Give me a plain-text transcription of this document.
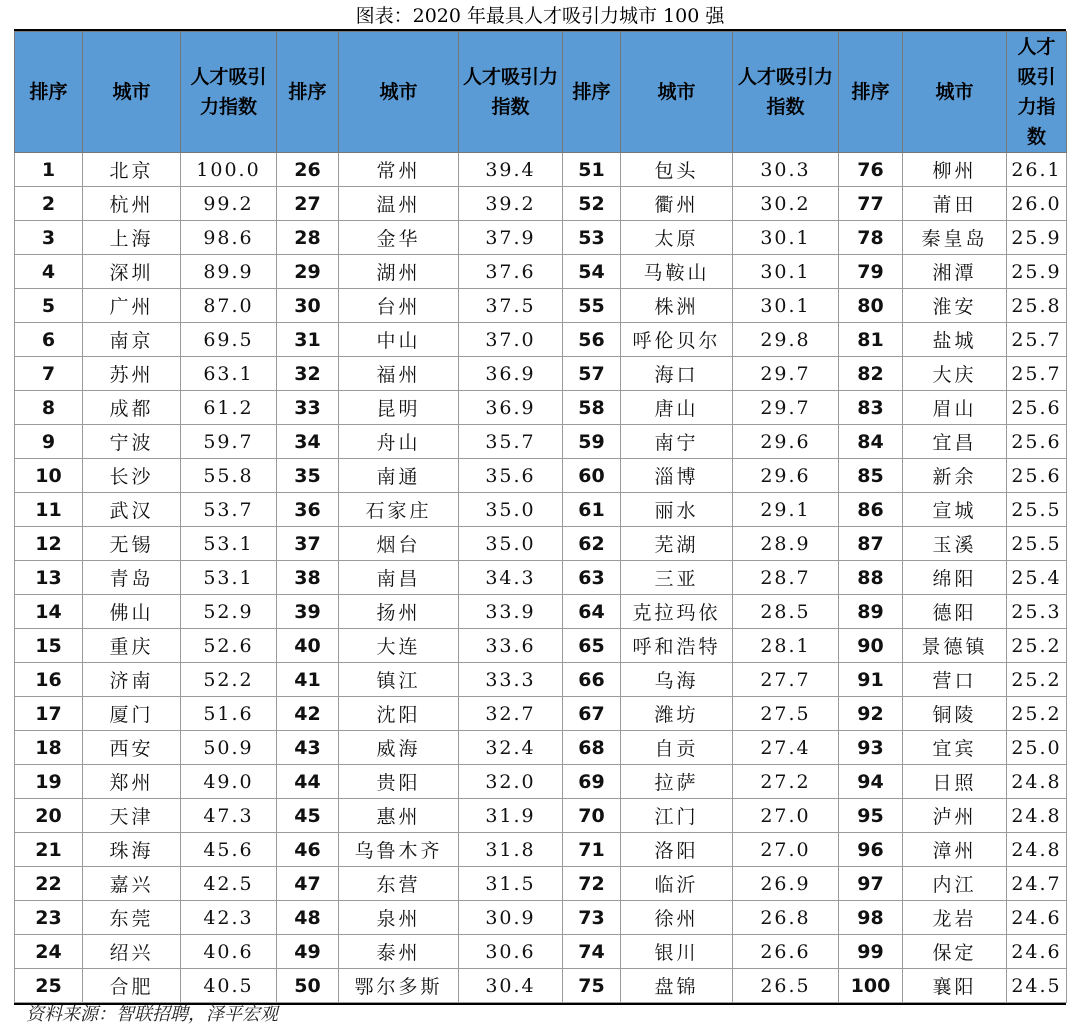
图表：2020 年最具人才吸引力城市 100 强
排序	城市	人才吸引力指数	排序	城市	人才吸引力指数	排序	城市	人才吸引力指数	排序	城市	人才吸引力指数
1	北京	100.0	26	常州	39.4	51	包头	30.3	76	柳州	26.1
2	杭州	99.2	27	温州	39.2	52	衢州	30.2	77	莆田	26.0
3	上海	98.6	28	金华	37.9	53	太原	30.1	78	秦皇岛	25.9
4	深圳	89.9	29	湖州	37.6	54	马鞍山	30.1	79	湘潭	25.9
5	广州	87.0	30	台州	37.5	55	株洲	30.1	80	淮安	25.8
6	南京	69.5	31	中山	37.0	56	呼伦贝尔	29.8	81	盐城	25.7
7	苏州	63.1	32	福州	36.9	57	海口	29.7	82	大庆	25.7
8	成都	61.2	33	昆明	36.9	58	唐山	29.7	83	眉山	25.6
9	宁波	59.7	34	舟山	35.7	59	南宁	29.6	84	宜昌	25.6
10	长沙	55.8	35	南通	35.6	60	淄博	29.6	85	新余	25.6
11	武汉	53.7	36	石家庄	35.0	61	丽水	29.1	86	宣城	25.5
12	无锡	53.1	37	烟台	35.0	62	芜湖	28.9	87	玉溪	25.5
13	青岛	53.1	38	南昌	34.3	63	三亚	28.7	88	绵阳	25.4
14	佛山	52.9	39	扬州	33.9	64	克拉玛依	28.5	89	德阳	25.3
15	重庆	52.6	40	大连	33.6	65	呼和浩特	28.1	90	景德镇	25.2
16	济南	52.2	41	镇江	33.3	66	乌海	27.7	91	营口	25.2
17	厦门	51.6	42	沈阳	32.7	67	潍坊	27.5	92	铜陵	25.2
18	西安	50.9	43	威海	32.4	68	自贡	27.4	93	宜宾	25.0
19	郑州	49.0	44	贵阳	32.0	69	拉萨	27.2	94	日照	24.8
20	天津	47.3	45	惠州	31.9	70	江门	27.0	95	泸州	24.8
21	珠海	45.6	46	乌鲁木齐	31.8	71	洛阳	27.0	96	漳州	24.8
22	嘉兴	42.5	47	东营	31.5	72	临沂	26.9	97	内江	24.7
23	东莞	42.3	48	泉州	30.9	73	徐州	26.8	98	龙岩	24.6
24	绍兴	40.6	49	泰州	30.6	74	银川	26.6	99	保定	24.6
25	合肥	40.5	50	鄂尔多斯	30.4	75	盘锦	26.5	100	襄阳	24.5
资料来源：智联招聘，泽平宏观
